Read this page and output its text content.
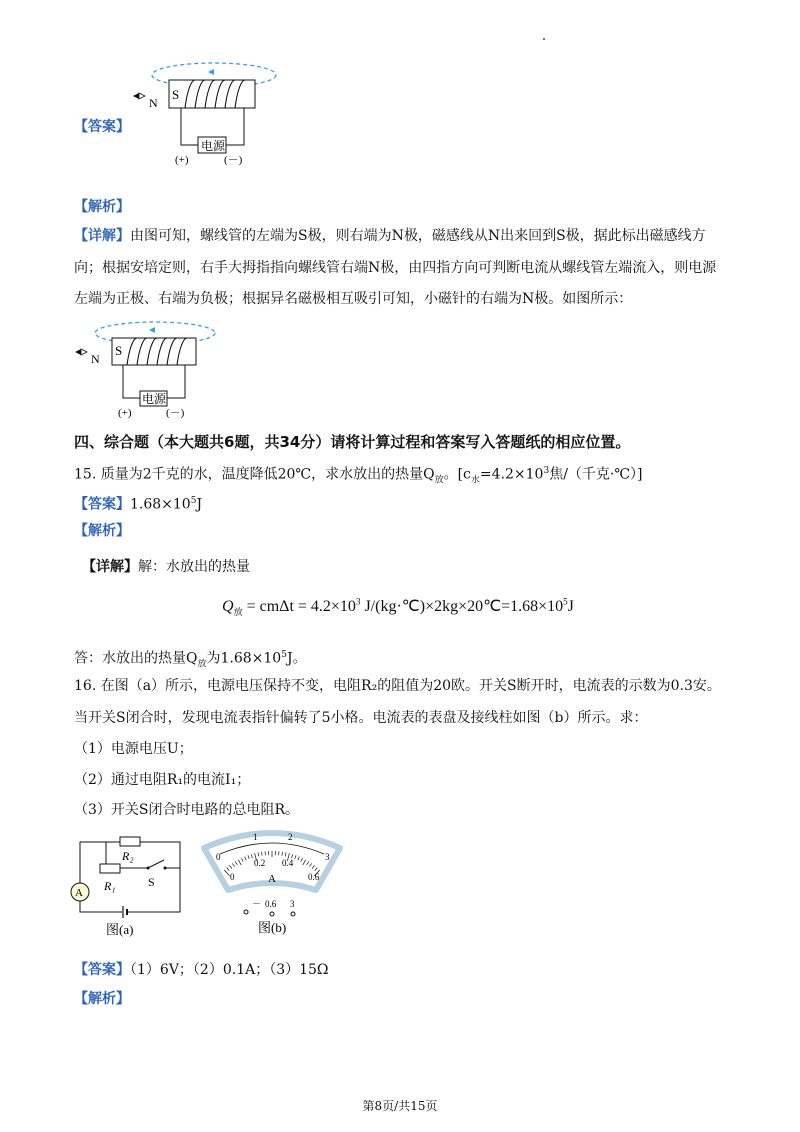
S
电源
(+)	(－)
N
【答案】
【解析】
【详解】由图可知，螺线管的左端为S极，则右端为N极，磁感线从N出来回到S极，据此标出磁感线方
向；根据安培定则，右手大拇指指向螺线管右端N极，由四指方向可判断电流从螺线管左端流入，则电源
左端为正极、右端为负极；根据异名磁极相互吸引可知，小磁针的右端为N极。如图所示：
S
电源
(+)	(－)
N
四、综合题（本大题共6题，共34分）请将计算过程和答案写入答题纸的相应位置。
15. 质量为2千克的水，温度降低20℃，求水放出的热量$Q_放$。[$c_水=4.2\times 10^3$焦/（千克·℃）]
【答案】$1.68\times 10^5J$
【解析】
【详解】解：水放出的热量
$Q_放 = cm\Delta t = 4.2\times 10^3$ $J/(kg\cdot℃)\times 2kg\times 20℃=1.68\times 10^5J$
答：水放出的热量$Q_放$为$1.68\times 10^5J$。
16. 在图（a）所示，电源电压保持不变，电阻R₂的阻值为20欧。开关S断开时，电流表的示数为0.3安。
当开关S闭合时，发现电流表指针偏转了5小格。电流表的表盘及接线柱如图（b）所示。求：
（1）电源电压U；
（2）通过电阻R₁的电流I₁；
（3）开关S闭合时电路的总电阻R。
R₂
R₁	S
A
图(a)
0
1	2
3
0
0.2 0.4
0.6
A
－ 0.6 3
图(b)
【答案】（1）6V；（2）0.1A；（3）15Ω
【解析】
第8页/共15页
